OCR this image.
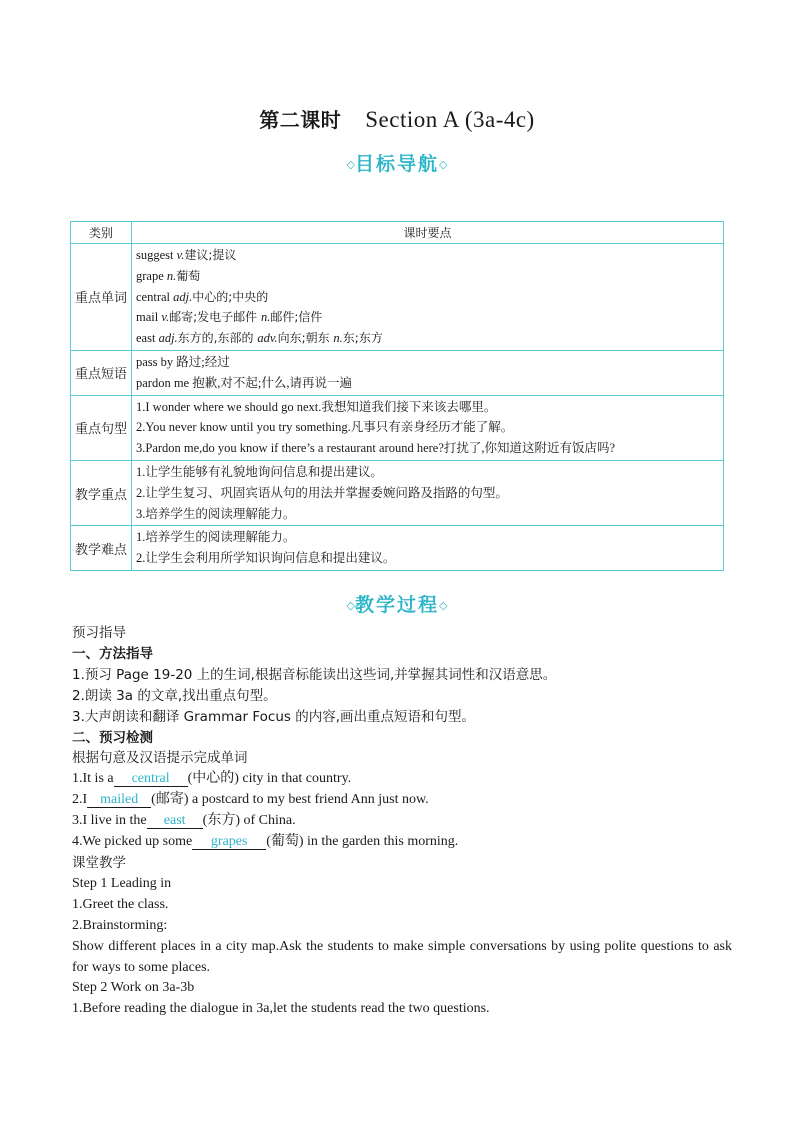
第二课时 Section A (3a-4c)
◇目标导航◇
类别	课时要点
重点单词	suggest v.建议;提议
grape n.葡萄
central adj.中心的;中央的
mail v.邮寄;发电子邮件 n.邮件;信件
east adj.东方的,东部的 adv.向东;朝东 n.东;东方

重点短语	pass by 路过;经过
pardon me 抱歉,对不起;什么,请再说一遍

重点句型	1.I wonder where we should go next.我想知道我们接下来该去哪里。
2.You never know until you try something.凡事只有亲身经历才能了解。
3.Pardon me,do you know if there’s a restaurant around here?打扰了,你知道这附近有饭店吗?

教学重点	1.让学生能够有礼貌地询问信息和提出建议。
2.让学生复习、巩固宾语从句的用法并掌握委婉问路及指路的句型。
3.培养学生的阅读理解能力。

教学难点	1.培养学生的阅读理解能力。
2.让学生会利用所学知识询问信息和提出建议。
◇教学过程◇
预习指导
一、方法指导
1.预习 Page 19-20 上的生词,根据音标能读出这些词,并掌握其词性和汉语意思。
2.朗读 3a 的文章,找出重点句型。
3.大声朗读和翻译 Grammar Focus 的内容,画出重点短语和句型。
二、预习检测
根据句意及汉语提示完成单词
1.It is a central (中心的) city in that country.
2.I mailed (邮寄) a postcard to my best friend Ann just now.
3.I live in the east (东方) of China.
4.We picked up some grapes (葡萄) in the garden this morning.
课堂教学
Step 1 Leading in
1.Greet the class.
2.Brainstorming:
Show different places in a city map.Ask the students to make simple conversations by using polite questions to ask for ways to some places.
Step 2 Work on 3a-3b
1.Before reading the dialogue in 3a,let the students read the two questions.
